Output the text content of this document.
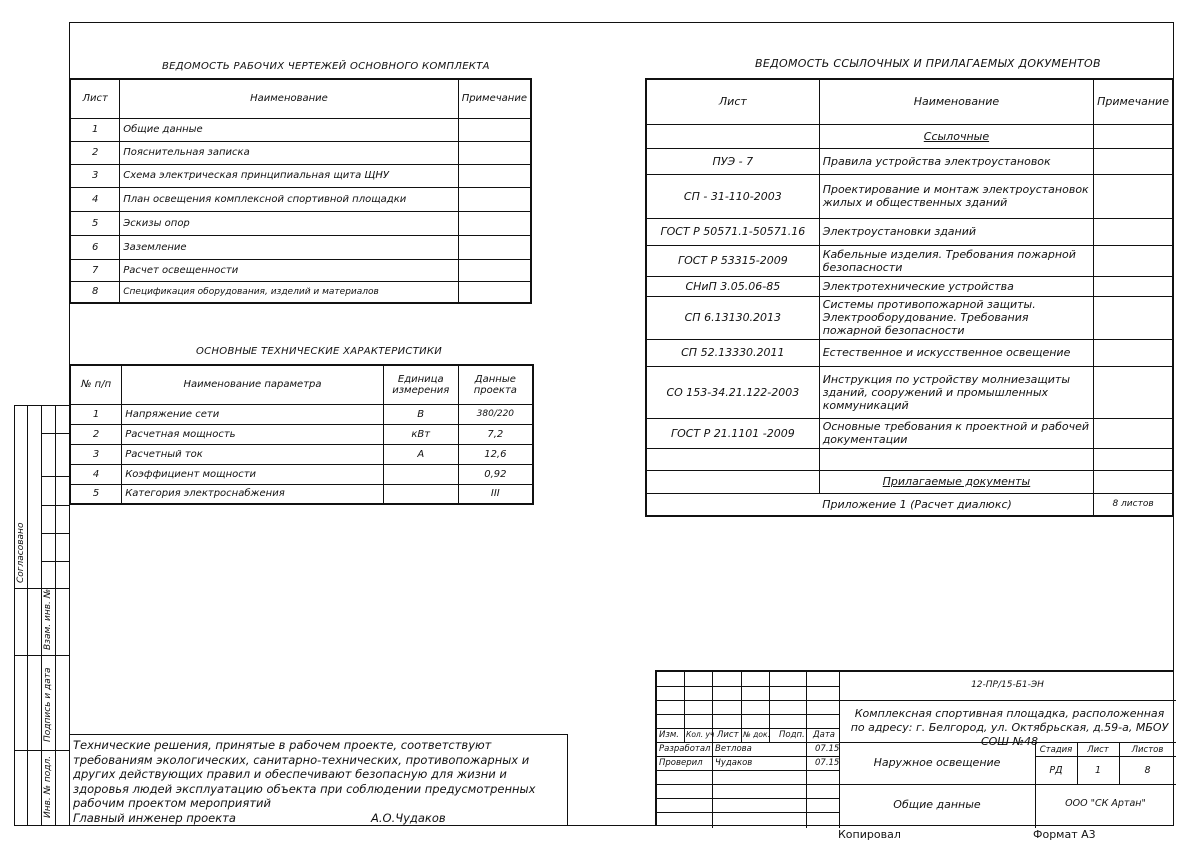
Согласовано
Взам. инв. №
Подпись и дата
Инв. № подл.
ВЕДОМОСТЬ РАБОЧИХ ЧЕРТЕЖЕЙ ОСНОВНОГО КОМПЛЕКТА
Лист	Наименование	Примечание
1	Общие данные	
2	Пояснительная записка	
3	Схема электрическая принципиальная щита ЩНУ	
4	План освещения комплексной спортивной площадки	
5	Эскизы опор	
6	Заземление	
7	Расчет освещенности	
8	Спецификация оборудования, изделий и материалов	
ОСНОВНЫЕ ТЕХНИЧЕСКИЕ ХАРАКТЕРИСТИКИ
№ п/п	Наименование параметра	Единица измерения	Данные проекта
1	Напряжение сети	В	380/220
2	Расчетная мощность	кВт	7,2
3	Расчетный ток	А	12,6
4	Коэффициент мощности		0,92
5	Категория электроснабжения		III
ВЕДОМОСТЬ ССЫЛОЧНЫХ И ПРИЛАГАЕМЫХ ДОКУМЕНТОВ
Лист	Наименование	Примечание
	Ссылочные	
ПУЭ - 7	Правила устройства электроустановок	
СП - 31-110-2003	Проектирование и монтаж электроустановок жилых и общественных зданий	
ГОСТ Р 50571.1-50571.16	Электроустановки зданий	
ГОСТ Р 53315-2009	Кабельные изделия. Требования пожарной безопасности	
СНиП 3.05.06-85	Электротехнические устройства	
СП 6.13130.2013	Системы противопожарной защиты. Электрооборудование. Требования пожарной безопасности	
СП 52.13330.2011	Естественное и искусственное освещение	
СО 153-34.21.122-2003	Инструкция по устройству молниезащиты зданий, сооружений и промышленных коммуникаций	
ГОСТ Р 21.1101 -2009	Основные требования к проектной и рабочей документации	

	Прилагаемые документы	
	Приложение 1 (Расчет диалюкс)	8 листов
Технические решения, принятые в рабочем проекте, соответствуют требованиям экологических, санитарно-технических, противопожарных и других действующих правил и обеспечивают безопасную для жизни и здоровья людей эксплуатацию объекта при соблюдении предусмотренных рабочим проектом мероприятий
Главный инженер проекта	А.О.Чудаков
12-ПР/15-Б1-ЭН
Комплексная спортивная площадка, расположенная по адресу: г. Белгород, ул. Октябрьская, д.59-а, МБОУ СОШ №48
Изм. Кол. уч Лист № док. Подп. Дата
Разработал Ветлова	07.15
Проверил Чудаков	07.15	Наружное освещение
Стадия	Лист	Листов
РД	1	8
Общие данные	ООО "СК Артан"
Копировал	Формат А3
